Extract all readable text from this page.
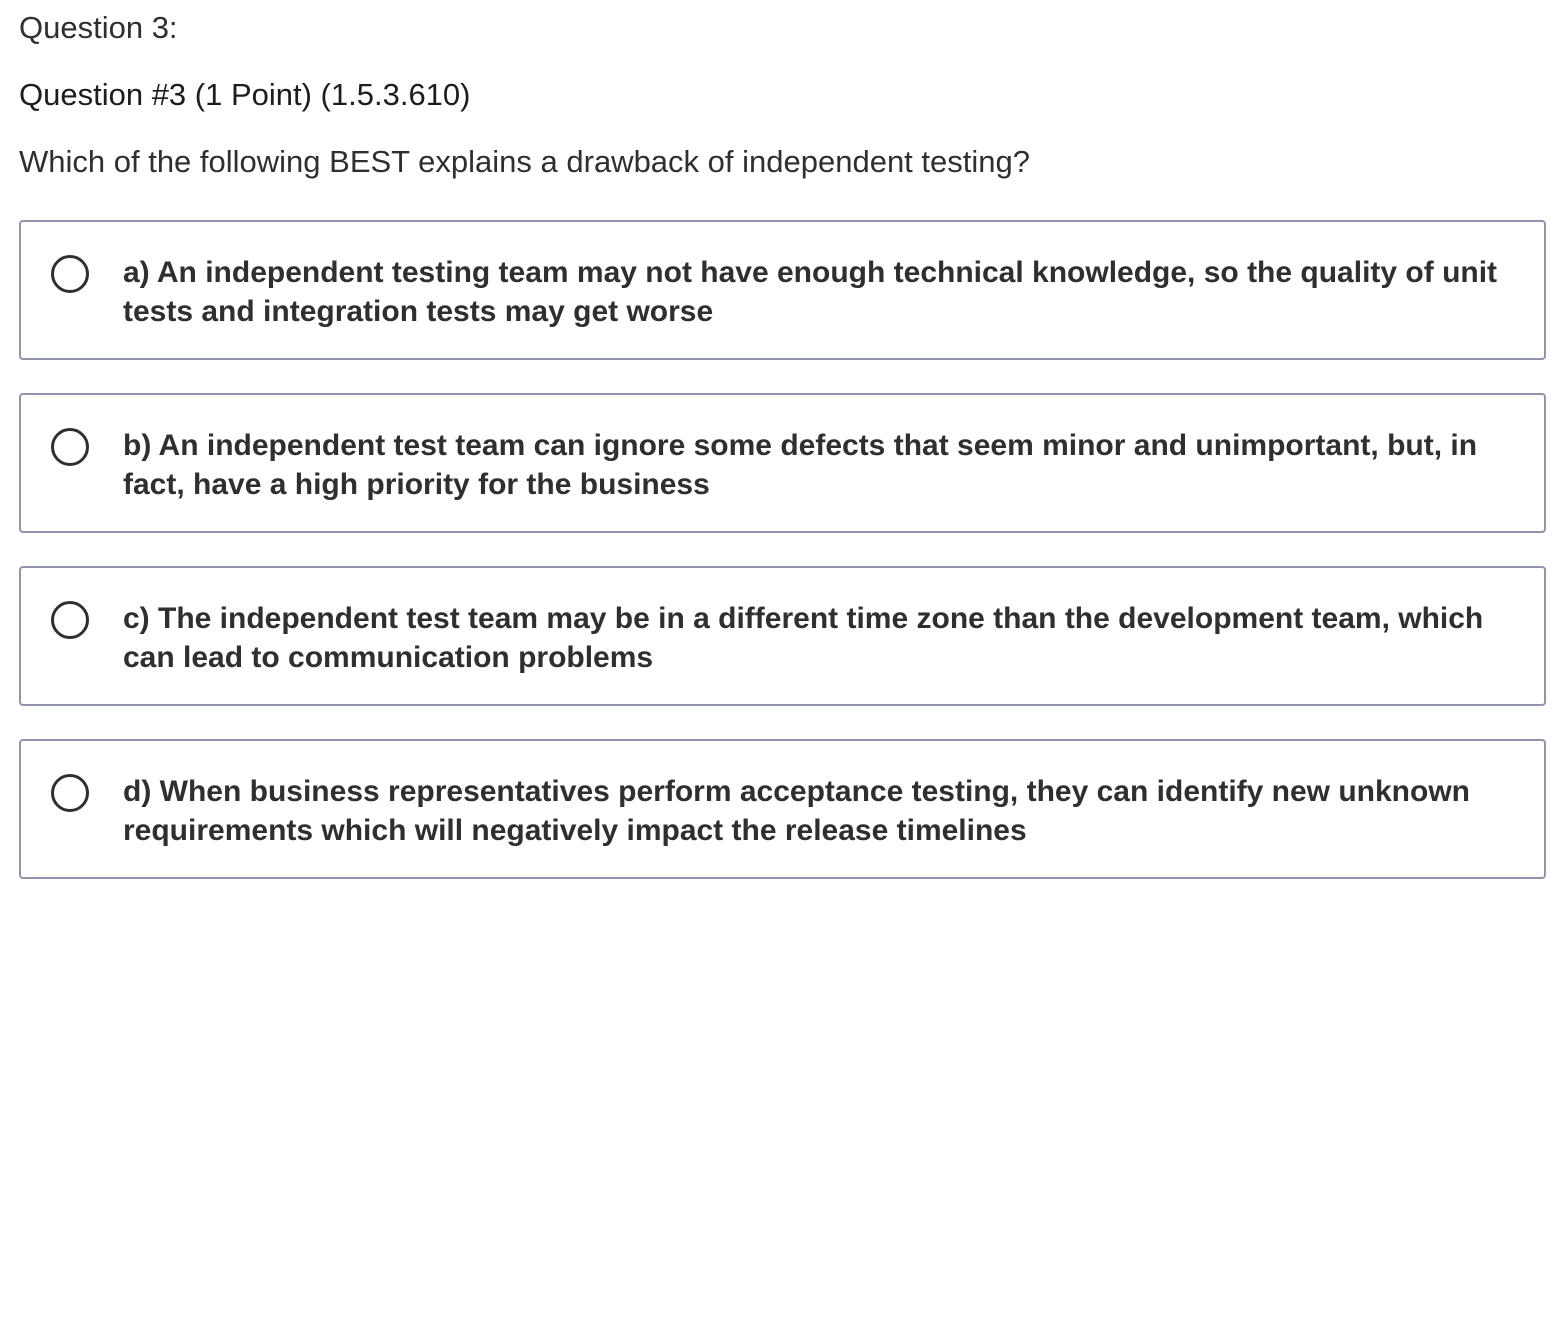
Question 3:
Question #3 (1 Point) (1.5.3.610)
Which of the following BEST explains a drawback of independent testing?
a) An independent testing team may not have enough technical knowledge, so the quality of unit tests and integration tests may get worse
b) An independent test team can ignore some defects that seem minor and unimportant, but, in fact, have a high priority for the business
c) The independent test team may be in a different time zone than the development team, which can lead to communication problems
d) When business representatives perform acceptance testing, they can identify new unknown requirements which will negatively impact the release timelines
